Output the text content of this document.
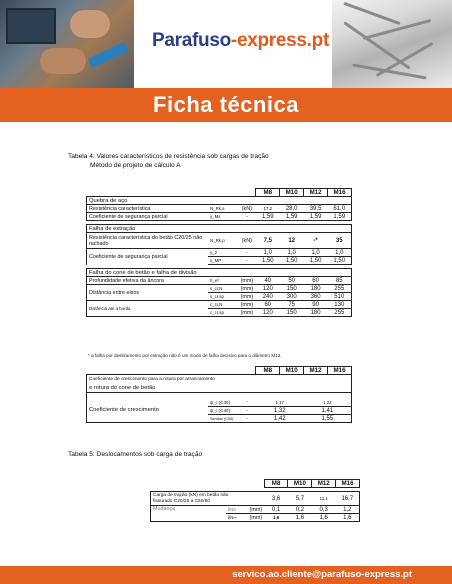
Parafuso-express.pt
Ficha técnica
Tabela 4: Valores característicos de resistência sob cargas de tração
Método de projeto de cálculo A
			M8	M10	M12	M16
Quebra de aço						
Resistência característica	N_Rk,s	(kN)	17,2	28,0	39,5	61,0
Coeficiente de segurança parcial	γ_Ms	-	1,59	1,59	1,59	1,59

Falha de extração						
Resistência característica do betão C20/25 não rachado	N_Rk,p	(kN)	7,5	12	-*	35
Coeficiente de segurança parcial	γ_2	-	1,0	1,0	1,0	1,0
	γ_MP	-	1,50	1,50	1,50	1,50

Falha do cone de betão e falha de divisão						
Profundidade efetiva da âncora	h_ef	(mm)	40	50	60	85
Distância entre eixos	s_cr,N	(mm)	120	150	180	255
	s_cr,sp	(mm)	240	300	360	510
Distância até à borda	c_cr,N	(mm)	60	75	90	130
	c_cr,sp	(mm)	120	150	180	255
* a falha por deslizamento por extração não é um modo de falha decisivo para o diâmetro M12.
			M8	M10	M12	M16

Coeficiente de crescimento para a rotura por arrancamento
e rotura do cone de betão						

Coeficiente de crescimento	ψ_c (C30)	-	1,17		1,22	
	ψ_c (C40)	-	1,32		1,41	
	Sentido (C50)	-	1,42		1,55	
Tabela 5: Deslocamentos sob carga de tração
			M8	M10	M12	M16

Carga de tração (kN) em betão não
fissurado C20/25 a C50/60			3,6	5,7	11,1	16,7
Mudança	δN0	(mm)	0,1	0,2	0,3	1,2
	δN∞	(mm)	1,6	1,6	1,6	1,6
servico.ao.cliente@parafuso-express.pt
